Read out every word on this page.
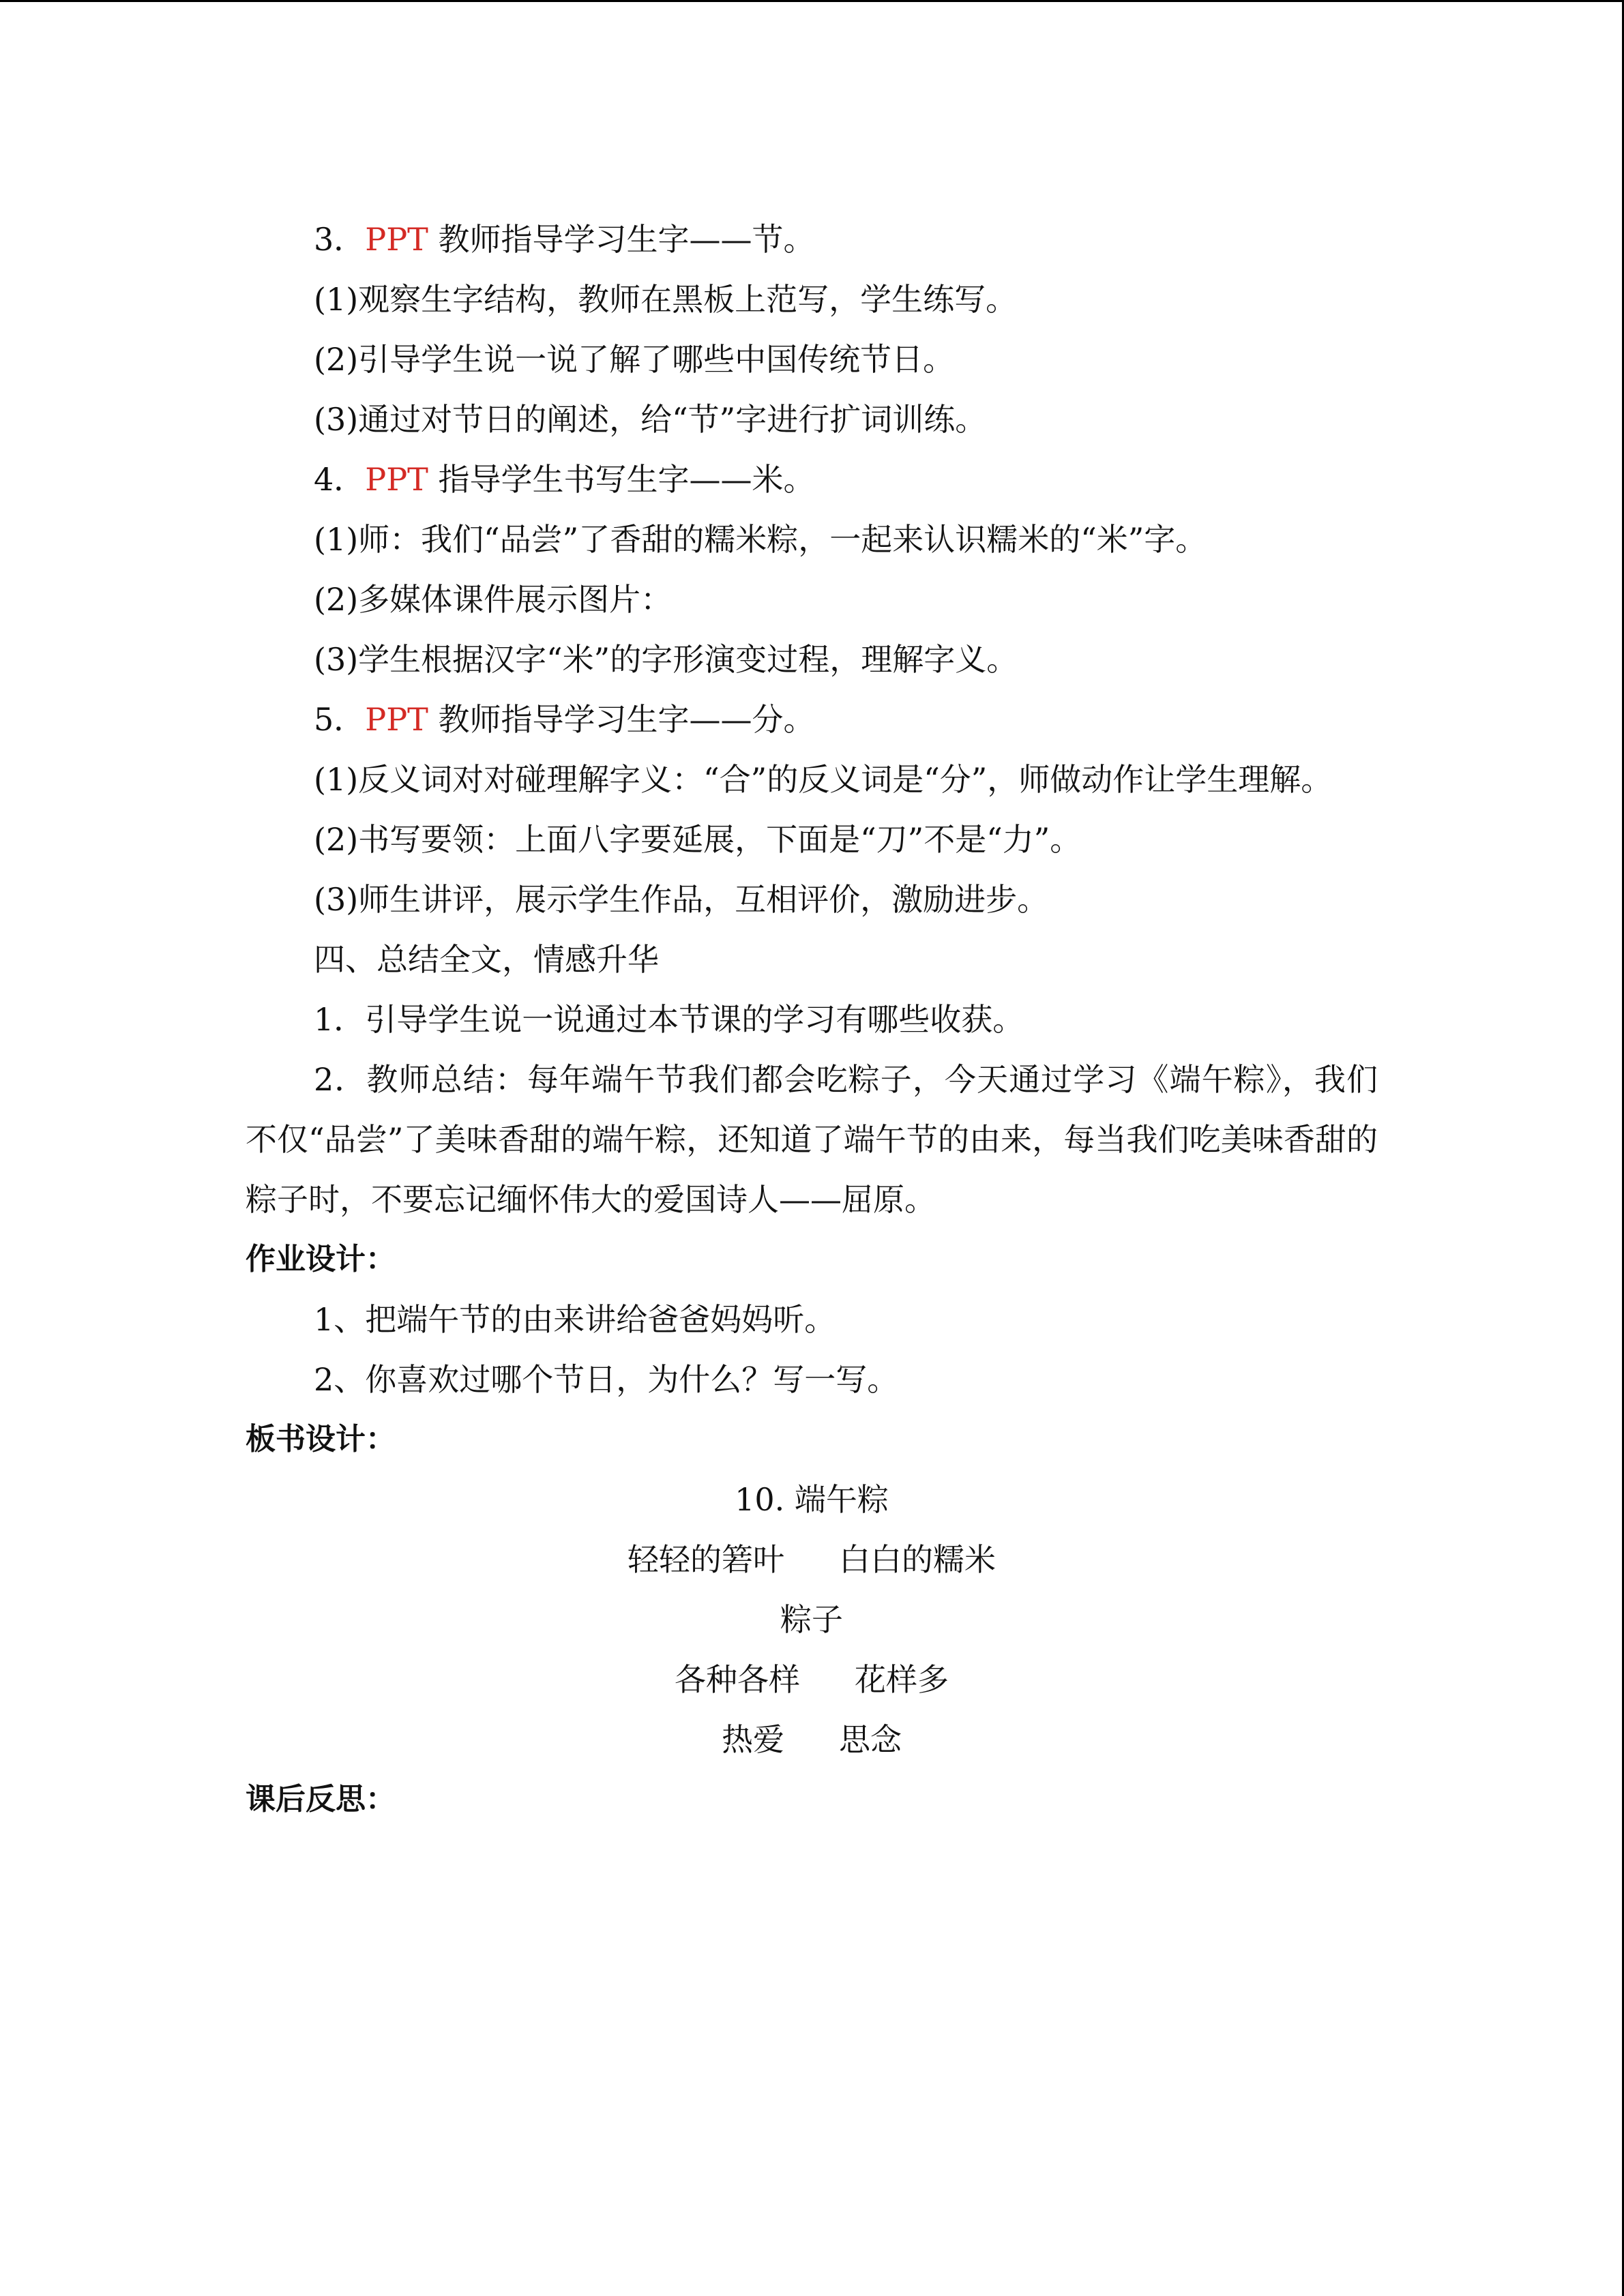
3．PPT 教师指导学习生字——节。

(1)观察生字结构，教师在黑板上范写，学生练写。

(2)引导学生说一说了解了哪些中国传统节日。

(3)通过对节日的阐述，给“节”字进行扩词训练。

4．PPT 指导学生书写生字——米。

(1)师：我们“品尝”了香甜的糯米粽，一起来认识糯米的“米”字。

(2)多媒体课件展示图片：

(3)学生根据汉字“米”的字形演变过程，理解字义。

5．PPT 教师指导学习生字——分。

(1)反义词对对碰理解字义：“合”的反义词是“分”，师做动作让学生理解。

(2)书写要领：上面八字要延展，下面是“刀”不是“力”。

(3)师生讲评，展示学生作品，互相评价，激励进步。

四、总结全文，情感升华

1．引导学生说一说通过本节课的学习有哪些收获。

2．教师总结：每年端午节我们都会吃粽子，今天通过学习《端午粽》，我们不仅“品尝”了美味香甜的端午粽，还知道了端午节的由来，每当我们吃美味香甜的粽子时，不要忘记缅怀伟大的爱国诗人——屈原。

作业设计：

1、把端午节的由来讲给爸爸妈妈听。

2、你喜欢过哪个节日，为什么？写一写。

板书设计：

10. 端午粽

轻轻的箬叶 白白的糯米

粽子

各种各样 花样多

热爱 思念

课后反思：
